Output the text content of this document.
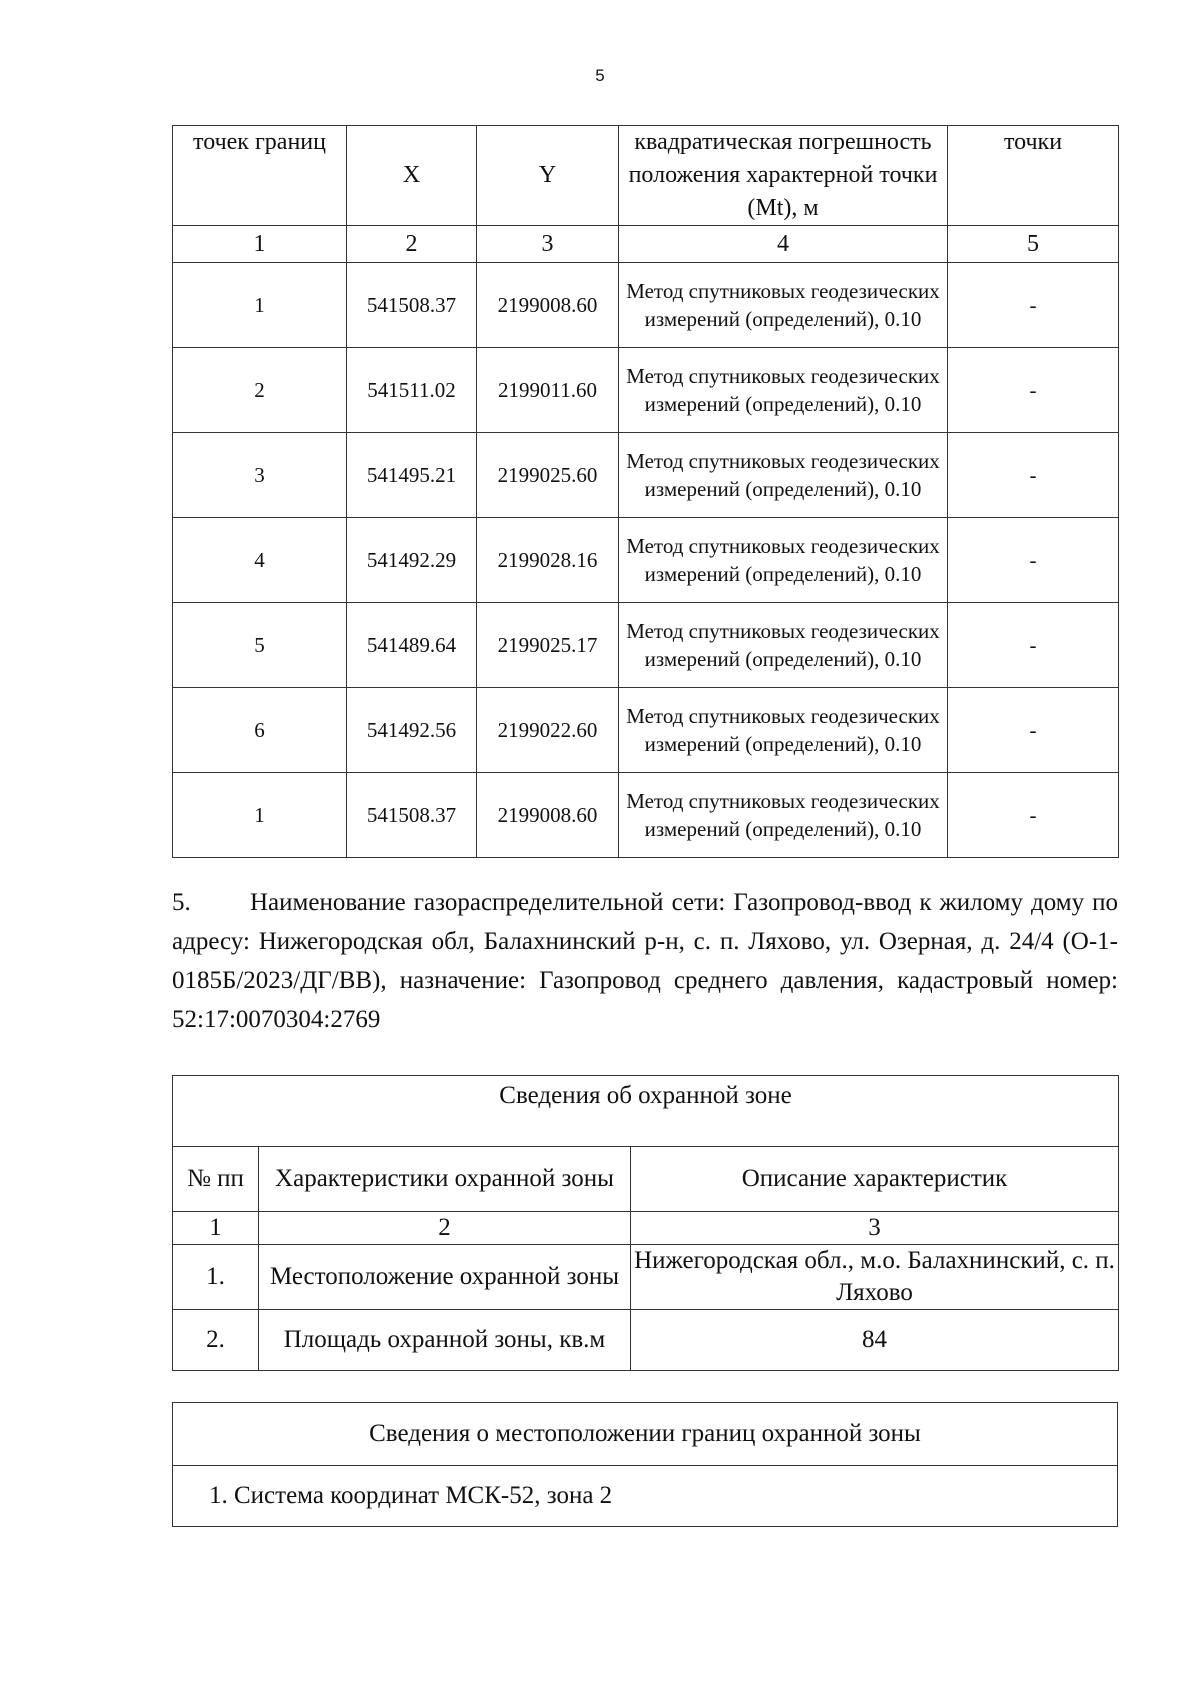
5
точек границ	X	Y	квадратическая погрешность положения характерной точки (Mt), м	точки
1	2	3	4	5
1	541508.37	2199008.60	Метод спутниковых геодезических измерений (определений), 0.10	-
2	541511.02	2199011.60	Метод спутниковых геодезических измерений (определений), 0.10	-
3	541495.21	2199025.60	Метод спутниковых геодезических измерений (определений), 0.10	-
4	541492.29	2199028.16	Метод спутниковых геодезических измерений (определений), 0.10	-
5	541489.64	2199025.17	Метод спутниковых геодезических измерений (определений), 0.10	-
6	541492.56	2199022.60	Метод спутниковых геодезических измерений (определений), 0.10	-
1	541508.37	2199008.60	Метод спутниковых геодезических измерений (определений), 0.10	-

5. Наименование газораспределительной сети: Газопровод-ввод к жилому дому по адресу: Нижегородская обл, Балахнинский р-н, с. п. Ляхово, ул. Озерная, д. 24/4 (О-1-0185Б/2023/ДГ/ВВ), назначение: Газопровод среднего давления, кадастровый номер: 52:17:0070304:2769

Сведения об охранной зоне		
№ пп	Характеристики охранной зоны	Описание характеристик
1	2	3
1.	Местоположение охранной зоны	Нижегородская обл., м.о. Балахнинский, с. п. Ляхово
2.	Площадь охранной зоны, кв.м	84
Сведения о местоположении границ охранной зоны
1. Система координат МСК-52, зона 2
